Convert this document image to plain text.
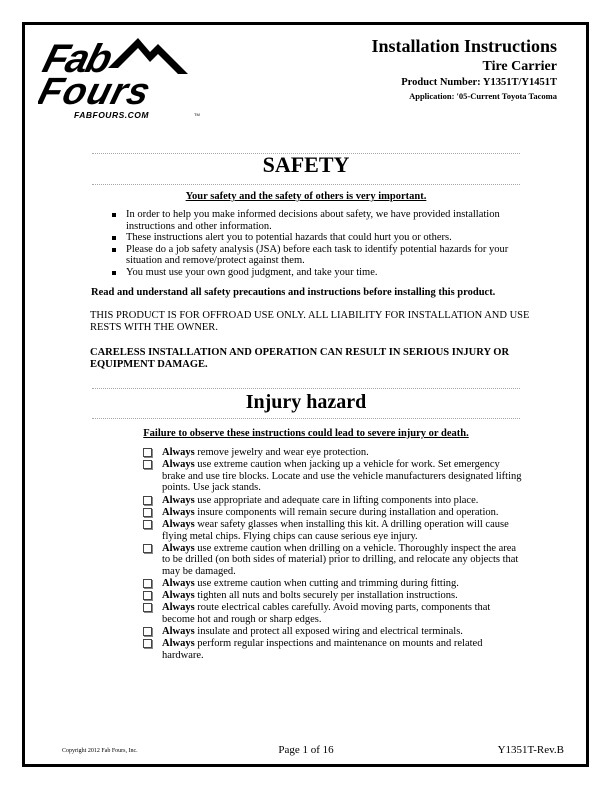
Fab
Fours
FABFOURS.COM	TM
Installation Instructions
Tire Carrier
Product Number: Y1351T/Y1451T
Application: '05-Current Toyota Tacoma
SAFETY
Your safety and the safety of others is very important.
In order to help you make informed decisions about safety, we have provided installation instructions and other information.
These instructions alert you to potential hazards that could hurt you or others.
Please do a job safety analysis (JSA) before each task to identify potential hazards for your situation and remove/protect against them.
You must use your own good judgment, and take your time.
Read and understand all safety precautions and instructions before installing this product.
THIS PRODUCT IS FOR OFFROAD USE ONLY. ALL LIABILITY FOR INSTALLATION AND USE RESTS WITH THE OWNER.
CARELESS INSTALLATION AND OPERATION CAN RESULT IN SERIOUS INJURY OR EQUIPMENT DAMAGE.
Injury hazard
Failure to observe these instructions could lead to severe injury or death.
Always remove jewelry and wear eye protection.
Always use extreme caution when jacking up a vehicle for work. Set emergency brake and use tire blocks. Locate and use the vehicle manufacturers designated lifting points. Use jack stands.
Always use appropriate and adequate care in lifting components into place.
Always insure components will remain secure during installation and operation.
Always wear safety glasses when installing this kit. A drilling operation will cause flying metal chips. Flying chips can cause serious eye injury.
Always use extreme caution when drilling on a vehicle. Thoroughly inspect the area to be drilled (on both sides of material) prior to drilling, and relocate any objects that may be damaged.
Always use extreme caution when cutting and trimming during fitting.
Always tighten all nuts and bolts securely per installation instructions.
Always route electrical cables carefully. Avoid moving parts, components that become hot and rough or sharp edges.
Always insulate and protect all exposed wiring and electrical terminals.
Always perform regular inspections and maintenance on mounts and related hardware.
Copyright 2012 Fab Fours, Inc.	Page 1 of 16	Y1351T-Rev.B
